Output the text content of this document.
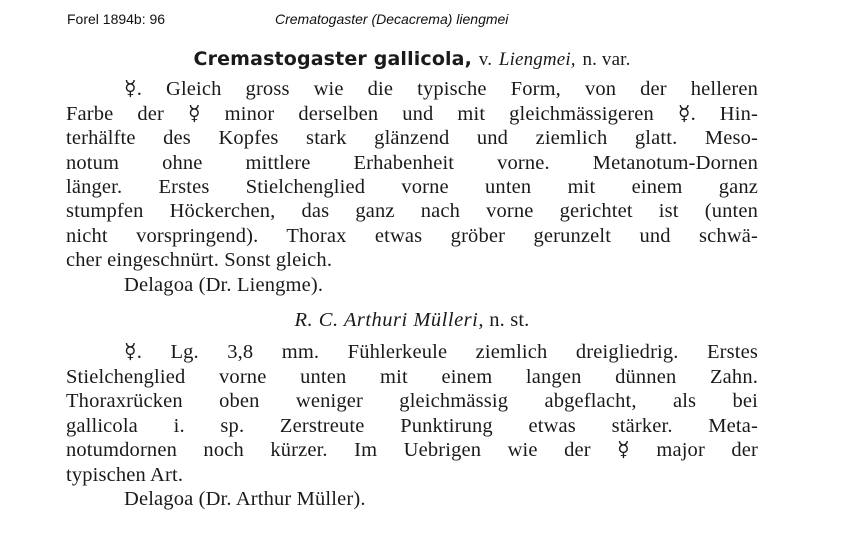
Forel 1894b: 96	Crematogaster (Decacrema) liengmei
Cremastogaster gallicola, v. Liengmei, n. var.
☿. Gleich gross wie die typische Form, von der helleren
Farbe der ☿ minor derselben und mit gleichmässigeren ☿. Hin-
terhälfte des Kopfes stark glänzend und ziemlich glatt. Meso-
notum ohne mittlere Erhabenheit vorne. Metanotum-Dornen
länger. Erstes Stielchenglied vorne unten mit einem ganz
stumpfen Höckerchen, das ganz nach vorne gerichtet ist (unten
nicht vorspringend). Thorax etwas gröber gerunzelt und schwä-
cher eingeschnürt. Sonst gleich.
Delagoa (Dr. Liengme).
R. C. Arthuri Mülleri, n. st.
☿. Lg. 3,8 mm. Fühlerkeule ziemlich dreigliedrig. Erstes
Stielchenglied vorne unten mit einem langen dünnen Zahn.
Thoraxrücken oben weniger gleichmässig abgeflacht, als bei
gallicola i. sp. Zerstreute Punktirung etwas stärker. Meta-
notumdornen noch kürzer. Im Uebrigen wie der ☿ major der
typischen Art.
Delagoa (Dr. Arthur Müller).
